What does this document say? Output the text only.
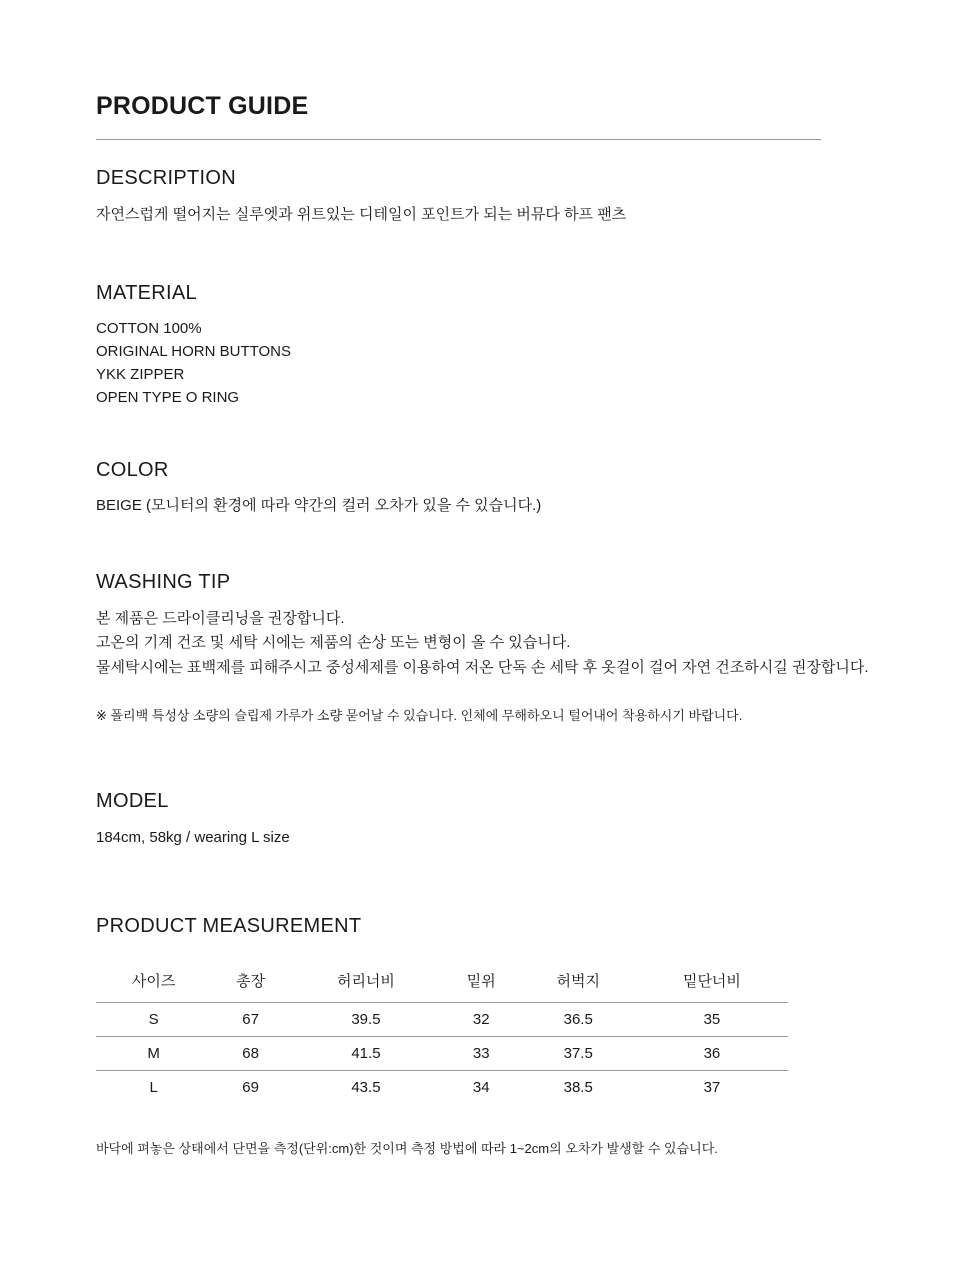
PRODUCT GUIDE
DESCRIPTION
자연스럽게 떨어지는 실루엣과 위트있는 디테일이 포인트가 되는 버뮤다 하프 팬츠
MATERIAL
COTTON 100%
ORIGINAL HORN BUTTONS
YKK ZIPPER
OPEN TYPE O RING
COLOR
BEIGE (모니터의 환경에 따라 약간의 컬러 오차가 있을 수 있습니다.)
WASHING TIP
본 제품은 드라이클리닝을 권장합니다.
고온의 기계 건조 및 세탁 시에는 제품의 손상 또는 변형이 올 수 있습니다.
물세탁시에는 표백제를 피해주시고 중성세제를 이용하여 저온 단독 손 세탁 후 옷걸이 걸어 자연 건조하시길 권장합니다.
※ 폴리백 특성상 소량의 슬립제 가루가 소량 묻어날 수 있습니다. 인체에 무해하오니 털어내어 착용하시기 바랍니다.
MODEL
184cm, 58kg / wearing L size
PRODUCT MEASUREMENT
사이즈	총장	허리너비	밑위	허벅지	밑단너비
S	67	39.5	32	36.5	35
M	68	41.5	33	37.5	36
L	69	43.5	34	38.5	37
바닥에 펴놓은 상태에서 단면을 측정(단위:cm)한 것이며 측정 방법에 따라 1~2cm의 오차가 발생할 수 있습니다.
